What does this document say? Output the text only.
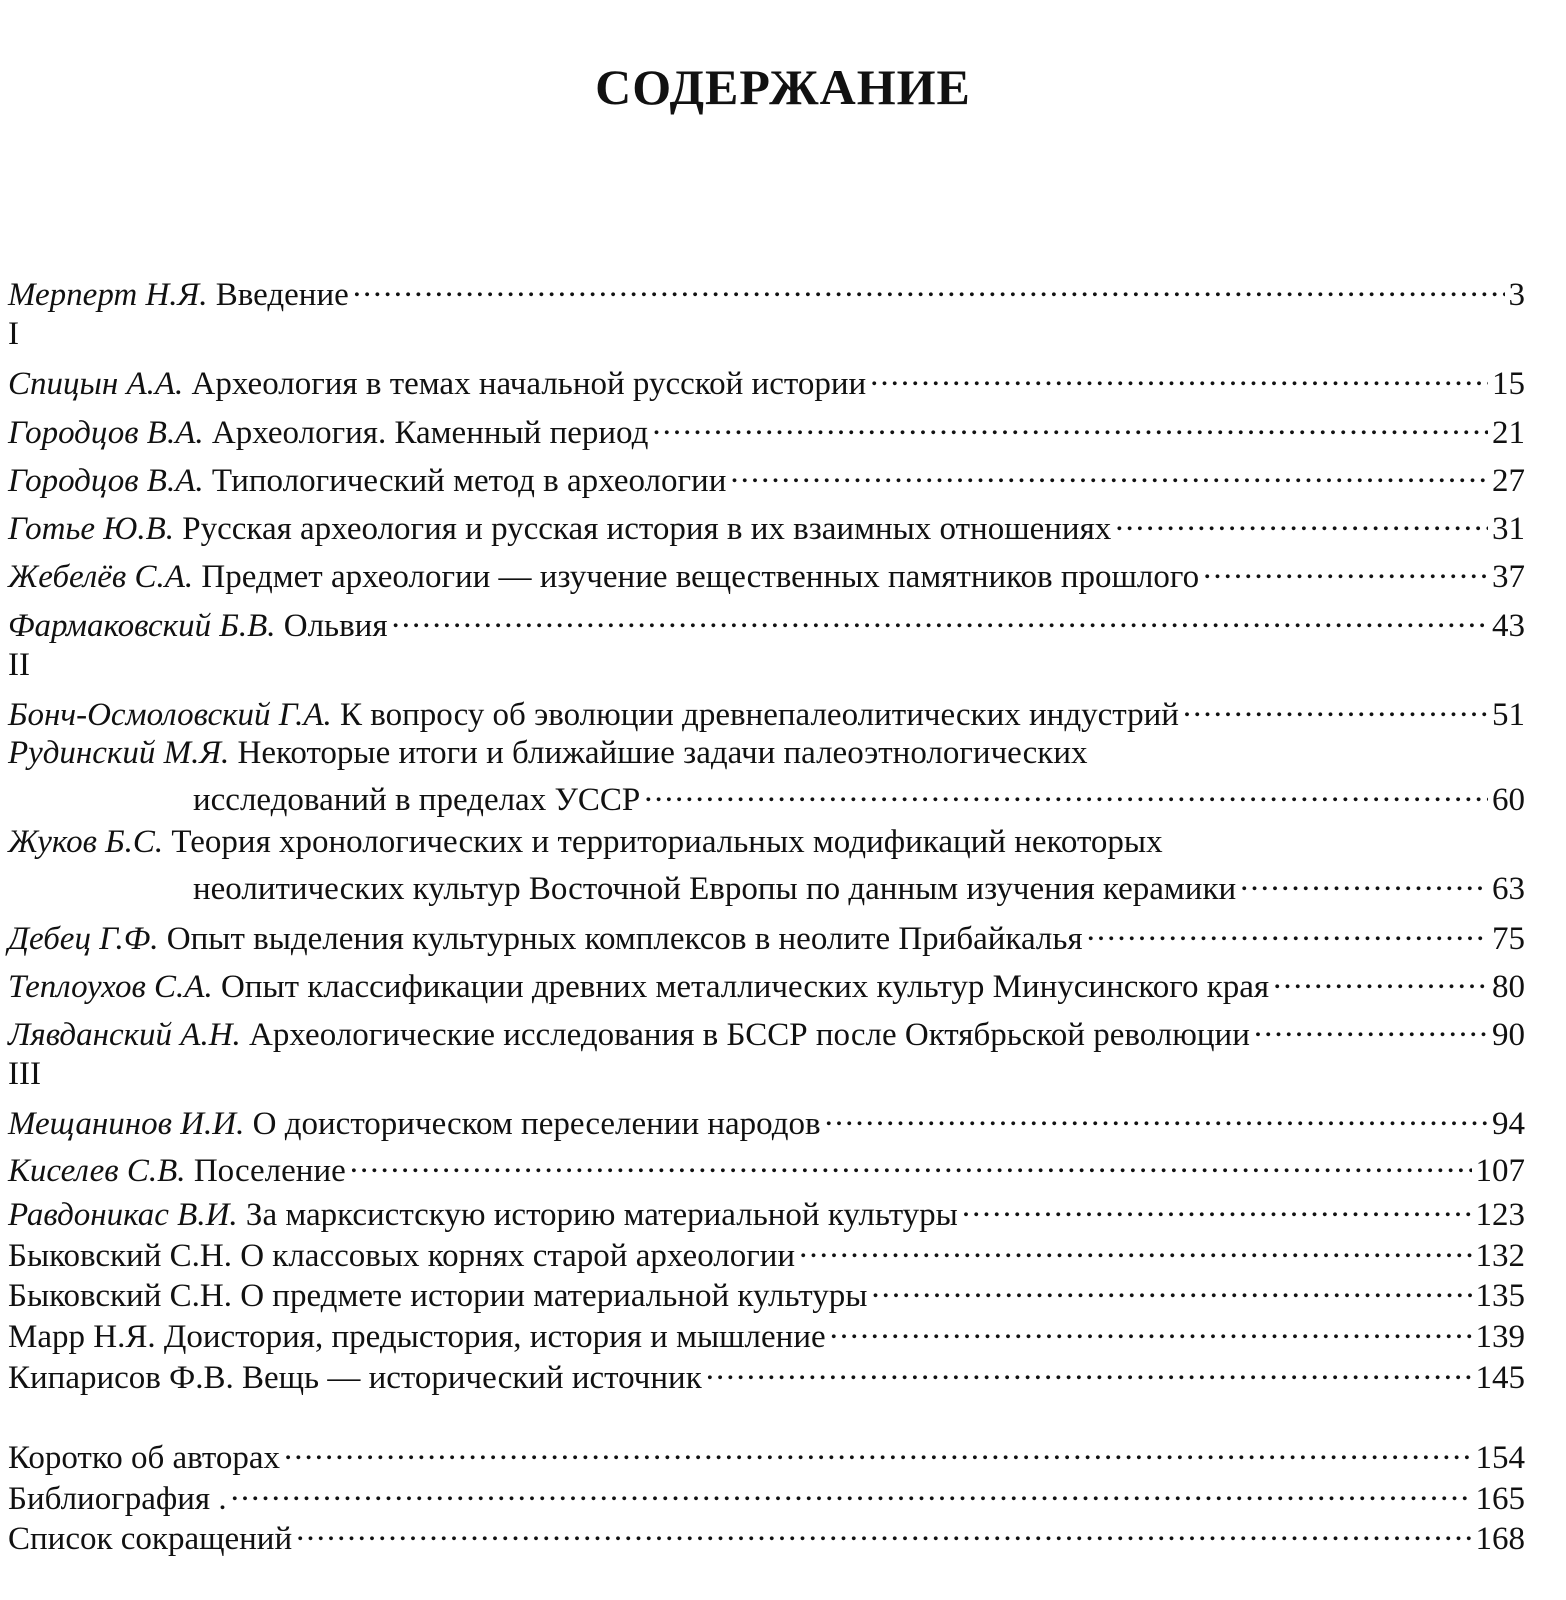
СОДЕРЖАНИЕ
Мерперт Н.Я. Введение .....	3
I
Спицын А.А. Археология в темах начальной русской истории .....	15
Городцов В.А. Археология. Каменный период .....	21
Городцов В.А. Типологический метод в археологии .....	27
Готье Ю.В. Русская археология и русская история в их взаимных отношениях .....	31
Жебелёв С.А. Предмет археологии — изучение вещественных памятников прошлого .....	37
Фармаковский Б.В. Ольвия .....	43
II
Бонч-Осмоловский Г.А. К вопросу об эволюции древнепалеолитических индустрий .....	51
Рудинский М.Я. Некоторые итоги и ближайшие задачи палеоэтнологических
исследований в пределах УССР .....	60
Жуков Б.С. Теория хронологических и территориальных модификаций некоторых
неолитических культур Восточной Европы по данным изучения керамики .....	63
Дебец Г.Ф. Опыт выделения культурных комплексов в неолите Прибайкалья .....	75
Теплоухов С.А. Опыт классификации древних металлических культур Минусинского края .....	80
Лявданский А.Н. Археологические исследования в БССР после Октябрьской революции .....	90
III
Мещанинов И.И. О доисторическом переселении народов .....	94
Киселев С.В. Поселение .....	107
Равдоникас В.И. За марксистскую историю материальной культуры .....	123
Быковский С.Н. О классовых корнях старой археологии .....	132
Быковский С.Н. О предмете истории материальной культуры .....	135
Марр Н.Я. Доистория, предыстория, история и мышление .....	139
Кипарисов Ф.В. Вещь — исторический источник .....	145
Коротко об авторах .....	154
Библиография . .....	165
Список сокращений .....	168
